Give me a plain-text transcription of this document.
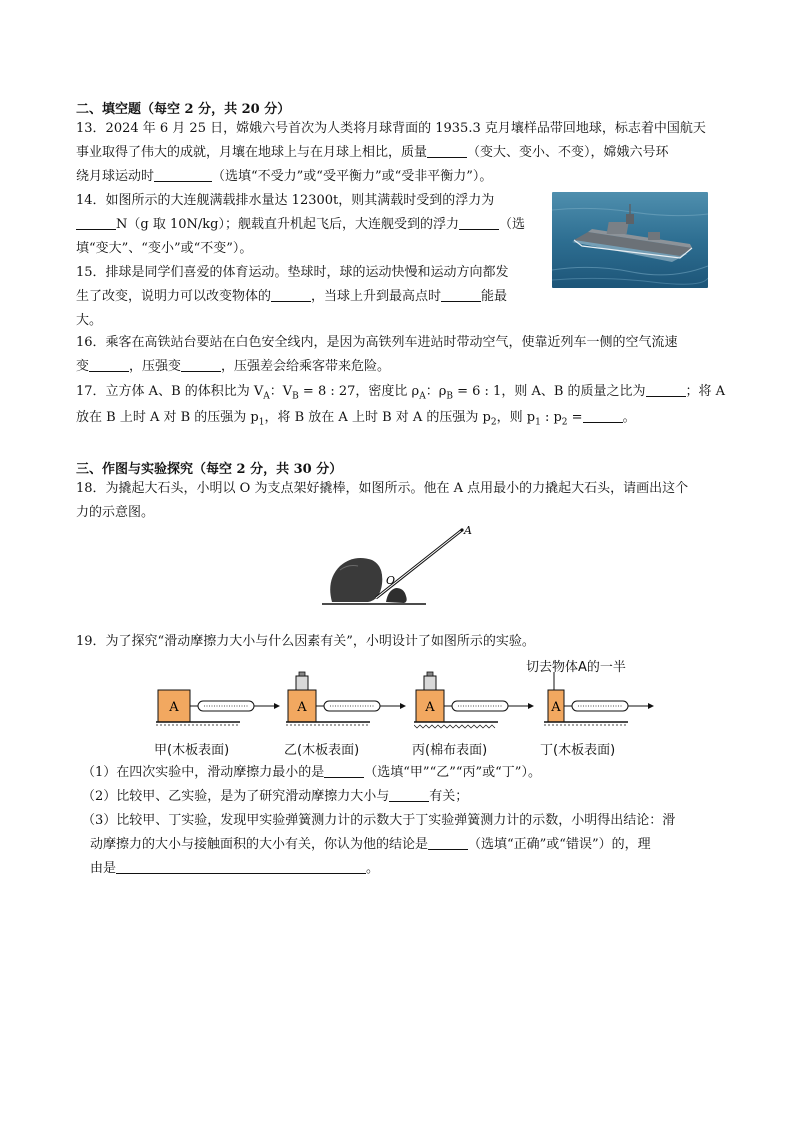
二、填空题（每空 2 分，共 20 分）
13．2024 年 6 月 25 日，嫦娥六号首次为人类将月球背面的 1935.3 克月壤样品带回地球，标志着中国航天
事业取得了伟大的成就，月壤在地球上与在月球上相比，质量	（变大、变小、不变），嫦娥六号环
绕月球运动时	（选填“不受力”或“受平衡力”或“受非平衡力”）。
14．如图所示的大连舰满载排水量达 12300t，则其满载时受到的浮力为
N（g 取 10N/kg）；舰载直升机起飞后，大连舰受到的浮力	（选
填“变大”、“变小”或“不变”）。
15．排球是同学们喜爱的体育运动。垫球时，球的运动快慢和运动方向都发
生了改变，说明力可以改变物体的	，当球上升到最高点时	能最
大。
16．乘客在高铁站台要站在白色安全线内，是因为高铁列车进站时带动空气，使靠近列车一侧的空气流速
变	，压强变	，压强差会给乘客带来危险。
17．立方体 A、B 的体积比为 $V_A$：$V_B = 8$ : 27，密度比 $\rho_A$：$\rho_B = 6$ : 1，则 A、B 的质量之比为	；将 A
放在 B 上时 A 对 B 的压强为 $p_1$，将 B 放在 A 上时 B 对 A 的压强为 $p_2$，则 $p_1$ : $p_2$ =	。
三、作图与实验探究（每空 2 分，共 30 分）
18．为撬起大石头，小明以 O 为支点架好撬棒，如图所示。他在 A 点用最小的力撬起大石头，请画出这个
力的示意图。
A
O
19．为了探究“滑动摩擦力大小与什么因素有关”，小明设计了如图所示的实验。
切去物体A的一半
A
甲(木板表面)
A
乙(木板表面)
A
丙(棉布表面)
A
丁(木板表面)
（1）在四次实验中，滑动摩擦力最小的是	（选填“甲”“乙”“丙”或“丁”）。
（2）比较甲、乙实验，是为了研究滑动摩擦力大小与	有关；
（3）比较甲、丁实验，发现甲实验弹簧测力计的示数大于丁实验弹簧测力计的示数，小明得出结论：滑
动摩擦力的大小与接触面积的大小有关，你认为他的结论是	（选填“正确”或“错误”）的，理
由是	。
